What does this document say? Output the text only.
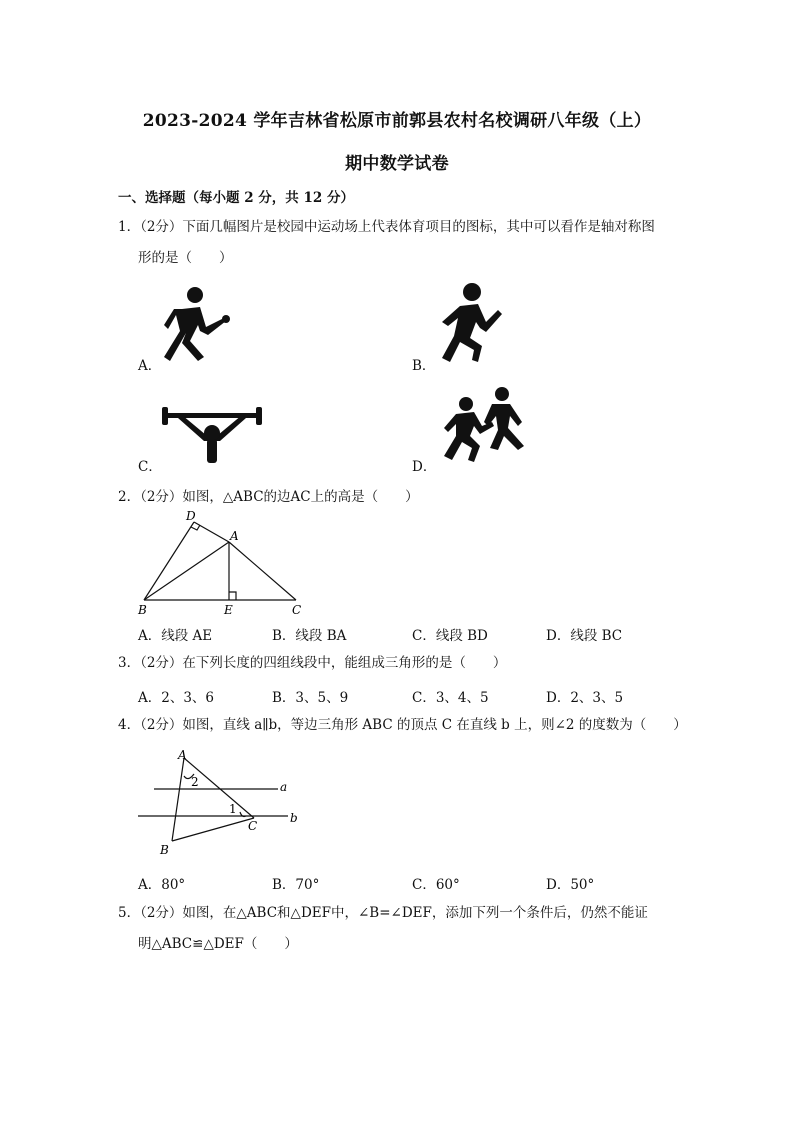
2023-2024 学年吉林省松原市前郭县农村名校调研八年级（上）
期中数学试卷
一、选择题（每小题 2 分，共 12 分）
1．（2分）下面几幅图片是校园中运动场上代表体育项目的图标，其中可以看作是轴对称图
形的是（　　）
A．	B．
C．	D．
2．（2分）如图，△ABC的边AC上的高是（　　）
D
A
B	E	C
A．线段 AE	B．线段 BA	C．线段 BD	D．线段 BC
3．（2分）在下列长度的四组线段中，能组成三角形的是（　　）
A．2、3、6	B．3、5、9	C．3、4、5	D．2、3、5
4．（2分）如图，直线 a∥b，等边三角形 ABC 的顶点 C 在直线 b 上，则∠2 的度数为（　　）
A
2
1
C
B
a
b
A．80°	B．70°	C．60°	D．50°
5．（2分）如图，在△ABC和△DEF中，∠B=∠DEF，添加下列一个条件后，仍然不能证
明△ABC≌△DEF（　　）
